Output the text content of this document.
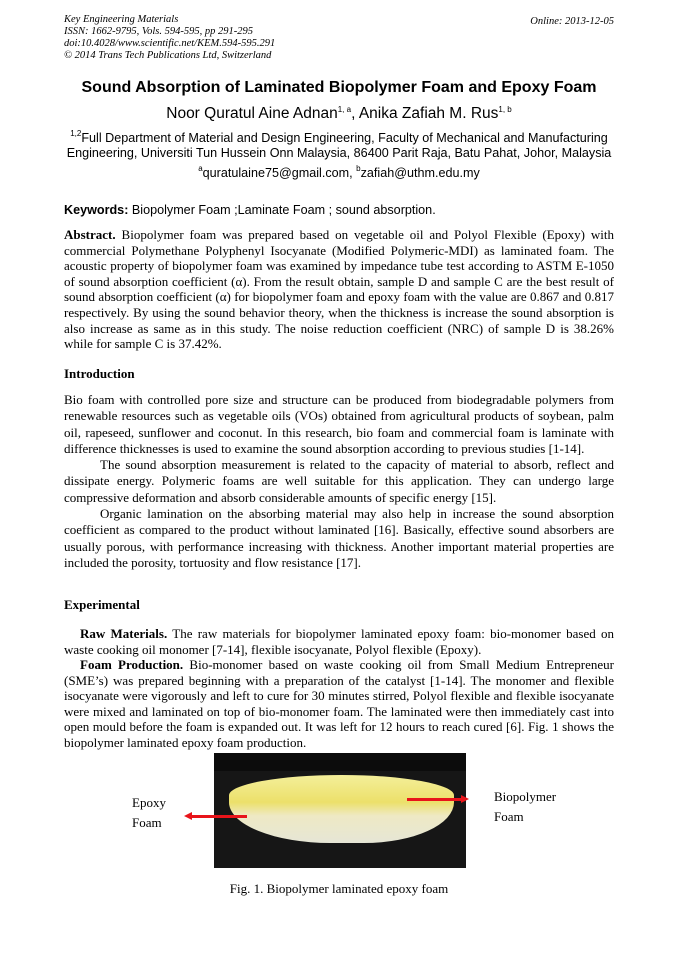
Key Engineering Materials
ISSN: 1662-9795, Vols. 594-595, pp 291-295
doi:10.4028/www.scientific.net/KEM.594-595.291
© 2014 Trans Tech Publications Ltd, Switzerland
Online: 2013-12-05
Sound Absorption of Laminated Biopolymer Foam and Epoxy Foam
Noor Quratul Aine Adnan$^{1, a}$, Anika Zafiah M. Rus$^{1, b}$
$^{1,2}$Full Department of Material and Design Engineering, Faculty of Mechanical and Manufacturing
Engineering, Universiti Tun Hussein Onn Malaysia, 86400 Parit Raja, Batu Pahat, Johor, Malaysia
$^a$quratulaine75@gmail.com, $^b$zafiah@uthm.edu.my
Keywords: Biopolymer Foam ;Laminate Foam ; sound absorption.
Abstract. Biopolymer foam was prepared based on vegetable oil and Polyol Flexible (Epoxy) with commercial Polymethane Polyphenyl Isocyanate (Modified Polymeric-MDI) as laminated foam. The acoustic property of biopolymer foam was examined by impedance tube test according to ASTM E-1050 of sound absorption coefficient (α). From the result obtain, sample D and sample C are the best result of sound absorption coefficient (α) for biopolymer foam and epoxy foam with the value are 0.867 and 0.817 respectively. By using the sound behavior theory, when the thickness is increase the sound absorption is also increase as same as in this study. The noise reduction coefficient (NRC) of sample D is 38.26% while for sample C is 37.42%.
Introduction
Bio foam with controlled pore size and structure can be produced from biodegradable polymers from renewable resources such as vegetable oils (VOs) obtained from agricultural products of soybean, palm oil, rapeseed, sunflower and coconut. In this research, bio foam and commercial foam is laminate with difference thicknesses is used to examine the sound absorption according to previous studies [1-14].
The sound absorption measurement is related to the capacity of material to absorb, reflect and dissipate energy. Polymeric foams are well suitable for this application. They can undergo large compressive deformation and absorb considerable amounts of specific energy [15].
Organic lamination on the absorbing material may also help in increase the sound absorption coefficient as compared to the product without laminated [16]. Basically, effective sound absorbers are usually porous, with performance increasing with thickness. Another important material properties are included the porosity, tortuosity and flow resistance [17].
Experimental
Raw Materials. The raw materials for biopolymer laminated epoxy foam: bio-monomer based on waste cooking oil monomer [7-14], flexible isocyanate, Polyol flexible (Epoxy).
Foam Production. Bio-monomer based on waste cooking oil from Small Medium Entrepreneur (SME’s) was prepared beginning with a preparation of the catalyst [1-14]. The monomer and flexible isocyanate were vigorously and left to cure for 30 minutes stirred, Polyol flexible and flexible isocyanate were mixed and laminated on top of bio-monomer foam. The laminated were then immediately cast into open mould before the foam is expanded out. It was left for 12 hours to reach cured [6]. Fig. 1 shows the biopolymer laminated epoxy foam production.
Epoxy
Foam
Biopolymer
Foam
Fig. 1. Biopolymer laminated epoxy foam
